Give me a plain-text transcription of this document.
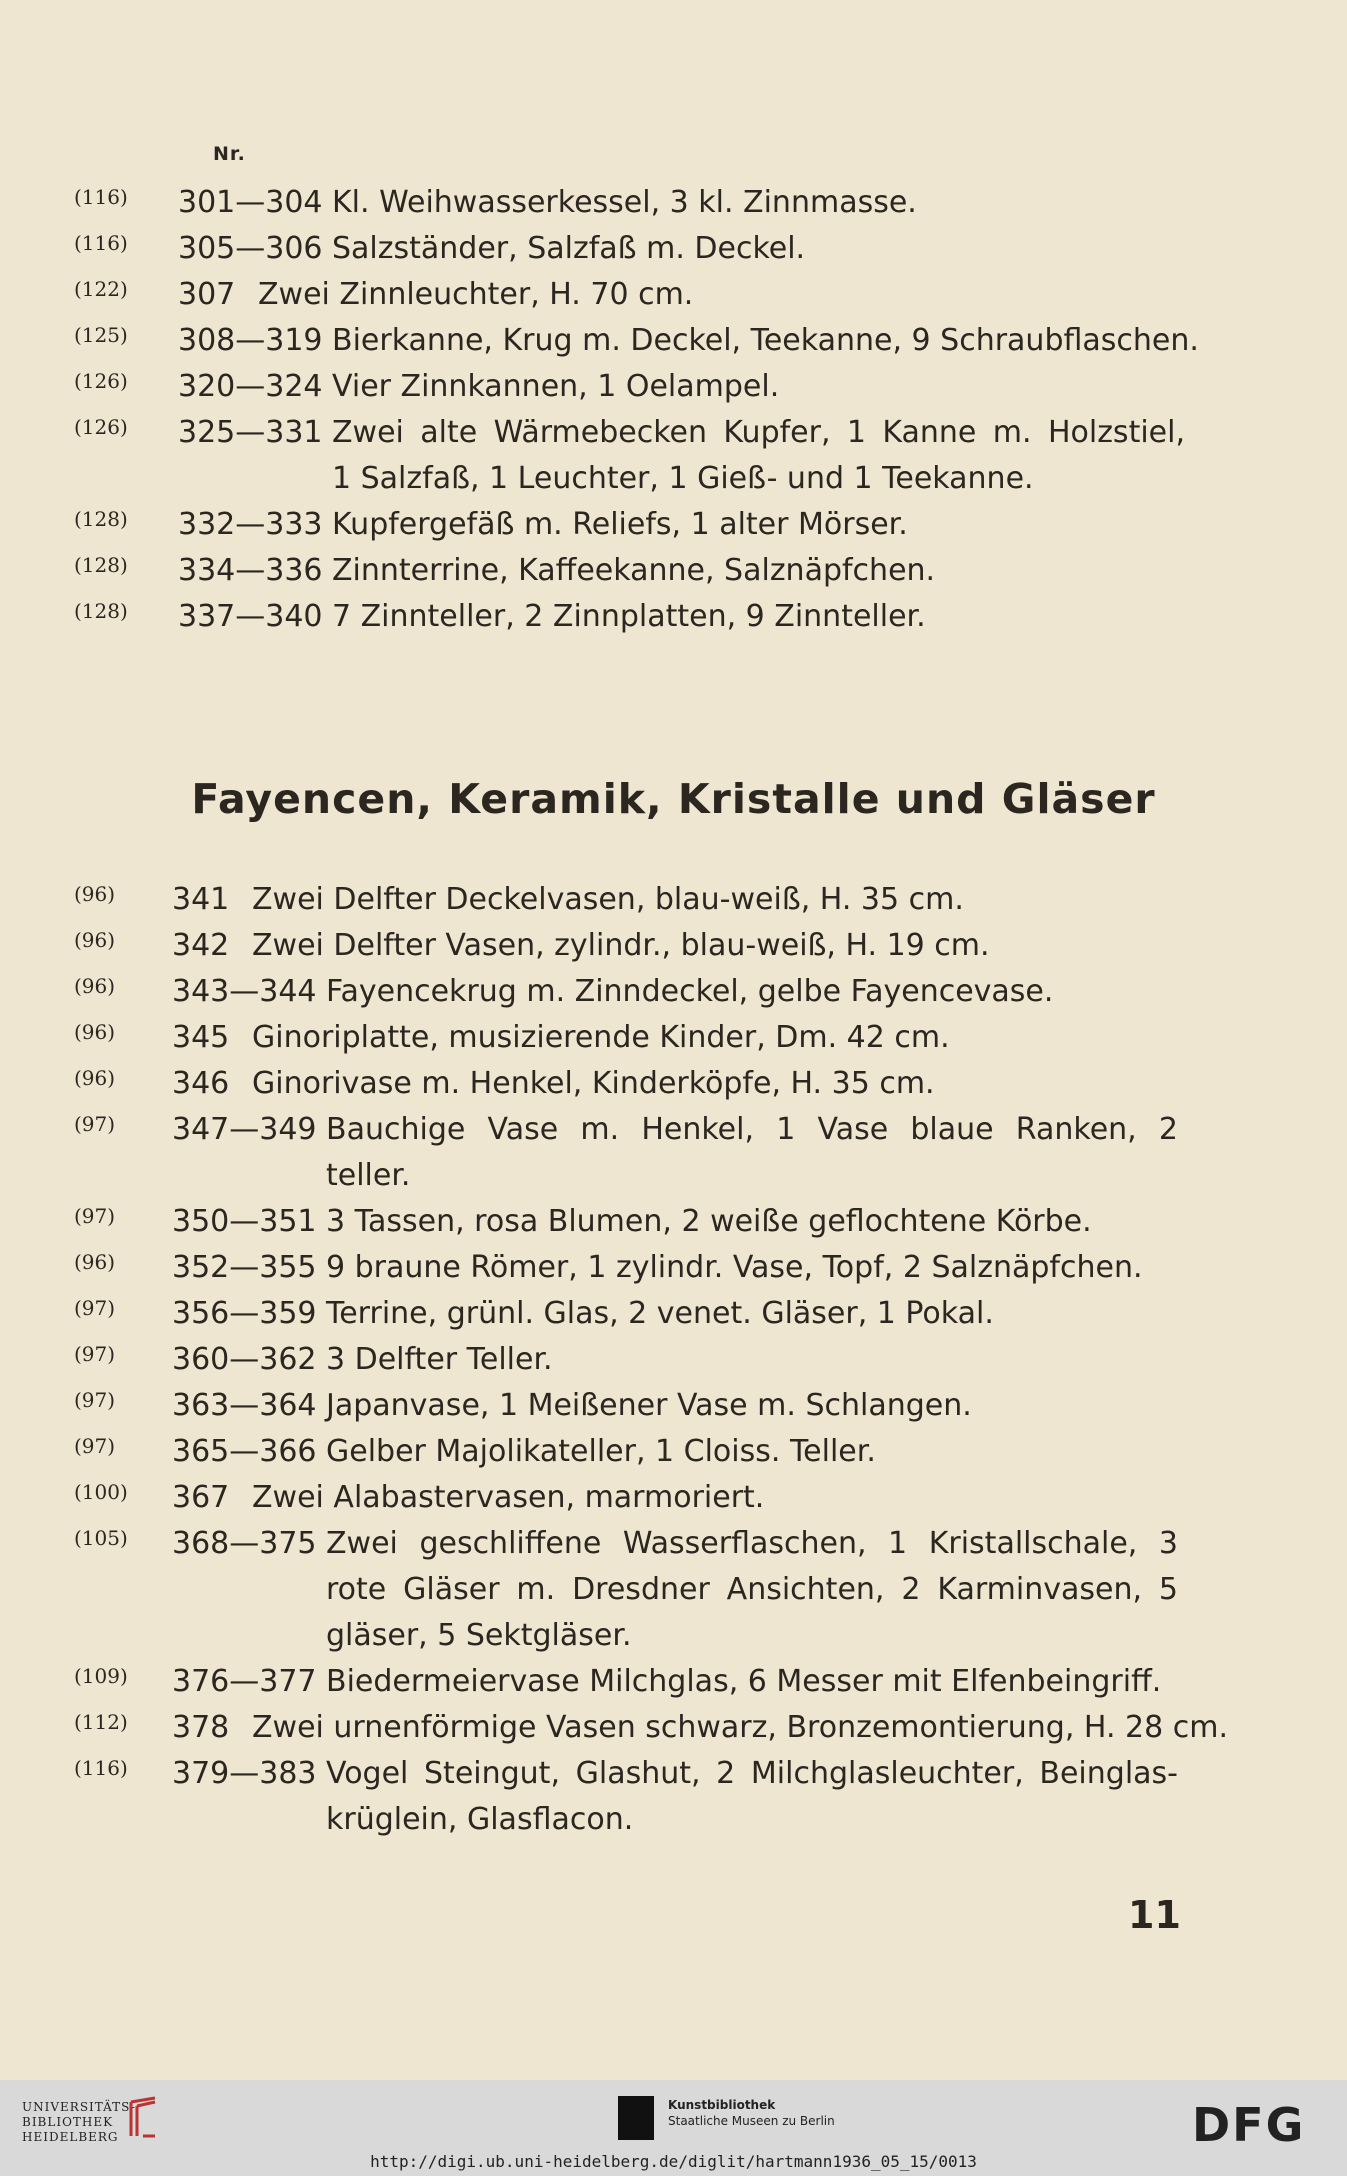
Nr.
(116) 301—304 Kl. Weihwasserkessel, 3 kl. Zinnmasse.
(116) 305—306 Salzständer, Salzfaß m. Deckel.
(122) 307 Zwei Zinnleuchter, H. 70 cm.
(125) 308—319 Bierkanne, Krug m. Deckel, Teekanne, 9 Schraubflaschen.
(126) 320—324 Vier Zinnkannen, 1 Oelampel.
(126) 325—331 Zwei alte Wärmebecken Kupfer, 1 Kanne m. Holzstiel,
1 Salzfaß, 1 Leuchter, 1 Gieß- und 1 Teekanne.
(128) 332—333 Kupfergefäß m. Reliefs, 1 alter Mörser.
(128) 334—336 Zinnterrine, Kaffeekanne, Salznäpfchen.
(128) 337—340 7 Zinnteller, 2 Zinnplatten, 9 Zinnteller.
Fayencen, Keramik, Kristalle und Gläser
(96) 341 Zwei Delfter Deckelvasen, blau-weiß, H. 35 cm.
(96) 342 Zwei Delfter Vasen, zylindr., blau-weiß, H. 19 cm.
(96) 343—344 Fayencekrug m. Zinndeckel, gelbe Fayencevase.
(96) 345 Ginoriplatte, musizierende Kinder, Dm. 42 cm.
(96) 346 Ginorivase m. Henkel, Kinderköpfe, H. 35 cm.
(97) 347—349 Bauchige Vase m. Henkel, 1 Vase blaue Ranken, 2
teller.
(97) 350—351 3 Tassen, rosa Blumen, 2 weiße geflochtene Körbe.
(96) 352—355 9 braune Römer, 1 zylindr. Vase, Topf, 2 Salznäpfchen.
(97) 356—359 Terrine, grünl. Glas, 2 venet. Gläser, 1 Pokal.
(97) 360—362 3 Delfter Teller.
(97) 363—364 Japanvase, 1 Meißener Vase m. Schlangen.
(97) 365—366 Gelber Majolikateller, 1 Cloiss. Teller.
(100) 367 Zwei Alabastervasen, marmoriert.
(105) 368—375 Zwei geschliffene Wasserflaschen, 1 Kristallschale, 3
rote Gläser m. Dresdner Ansichten, 2 Karminvasen, 5
gläser, 5 Sektgläser.
(109) 376—377 Biedermeiervase Milchglas, 6 Messer mit Elfenbeingriff.
(112) 378 Zwei urnenförmige Vasen schwarz, Bronzemontierung, H. 28 cm.
(116) 379—383 Vogel Steingut, Glashut, 2 Milchglasleuchter, Beinglas-
krüglein, Glasflacon.
11
UNIVERSITÄTS-
BIBLIOTHEK
HEIDELBERG
Kunstbibliothek
Staatliche Museen zu Berlin	DFG
http://digi.ub.uni-heidelberg.de/diglit/hartmann1936_05_15/0013
